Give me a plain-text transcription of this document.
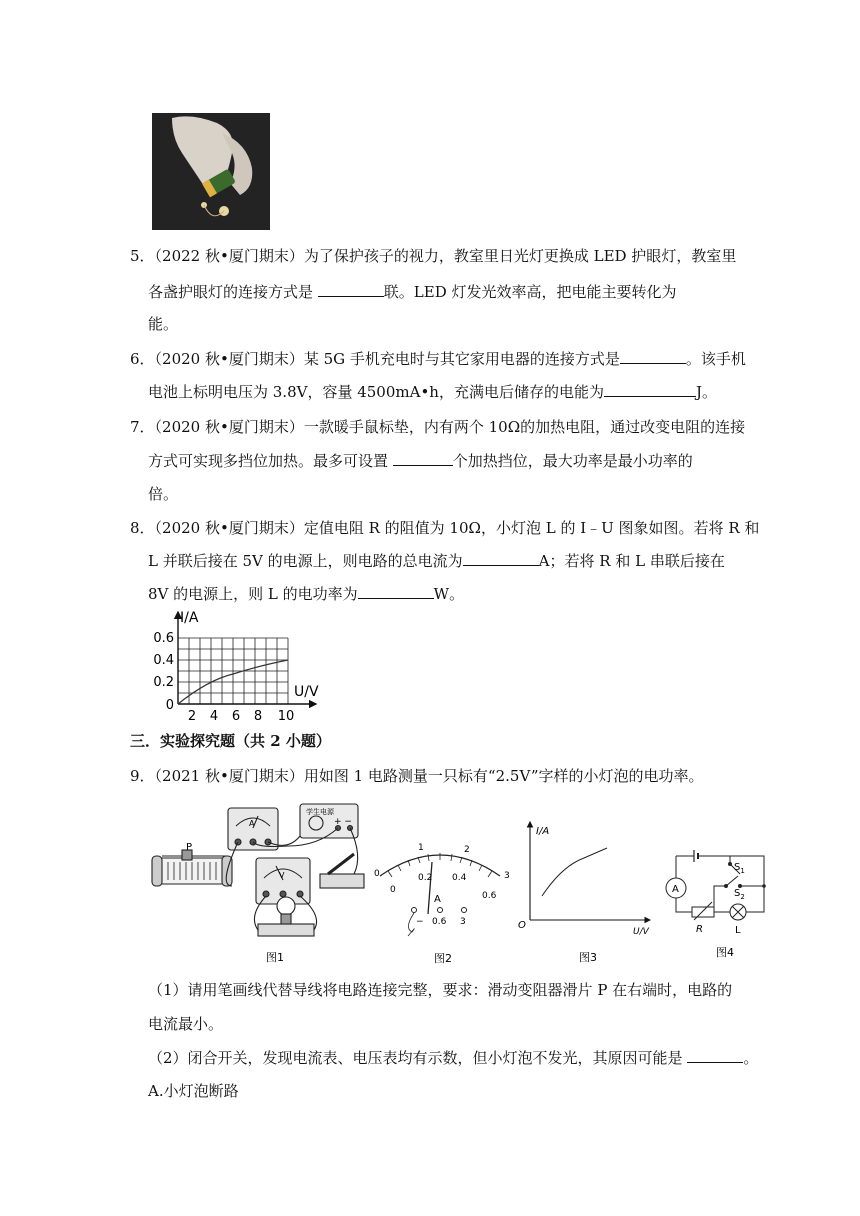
5．（2022 秋•厦门期末）为了保护孩子的视力，教室里日光灯更换成 LED 护眼灯，教室里
各盏护眼灯的连接方式是	联。LED 灯发光效率高，把电能主要转化为
能。
6．（2020 秋•厦门期末）某 5G 手机充电时与其它家用电器的连接方式是	。该手机
电池上标明电压为 3.8V，容量 4500mA•h，充满电后储存的电能为	J。
7．（2020 秋•厦门期末）一款暖手鼠标垫，内有两个 10Ω的加热电阻，通过改变电阻的连接
方式可实现多挡位加热。最多可设置	个加热挡位，最大功率是最小功率的
倍。
8．（2020 秋•厦门期末）定值电阻 R 的阻值为 10Ω，小灯泡 L 的 I﹣U 图象如图。若将 R 和
L 并联后接在 5V 的电源上，则电路的总电流为	A；若将 R 和 L 串联后接在
8V 的电源上，则 L 的电功率为	W。
I/A
U/V
0.6
0.4
0.2
0
2 4 6 8 10
三．实验探究题（共 2 小题）
9．（2021 秋•厦门期末）用如图 1 电路测量一只标有“2.5V”字样的小灯泡的电功率。
P
学生电源
+ −
A
V
图1
0
1	2
3
0
0.2 0.4
0.6
A
− 0.6 3
图2
I/A
U/V
O
图3
A
$S_1$
$S_2$
R	L
图4
（1）请用笔画线代替导线将电路连接完整，要求：滑动变阻器滑片 P 在右端时，电路的
电流最小。
（2）闭合开关，发现电流表、电压表均有示数，但小灯泡不发光，其原因可能是	。
A.小灯泡断路
